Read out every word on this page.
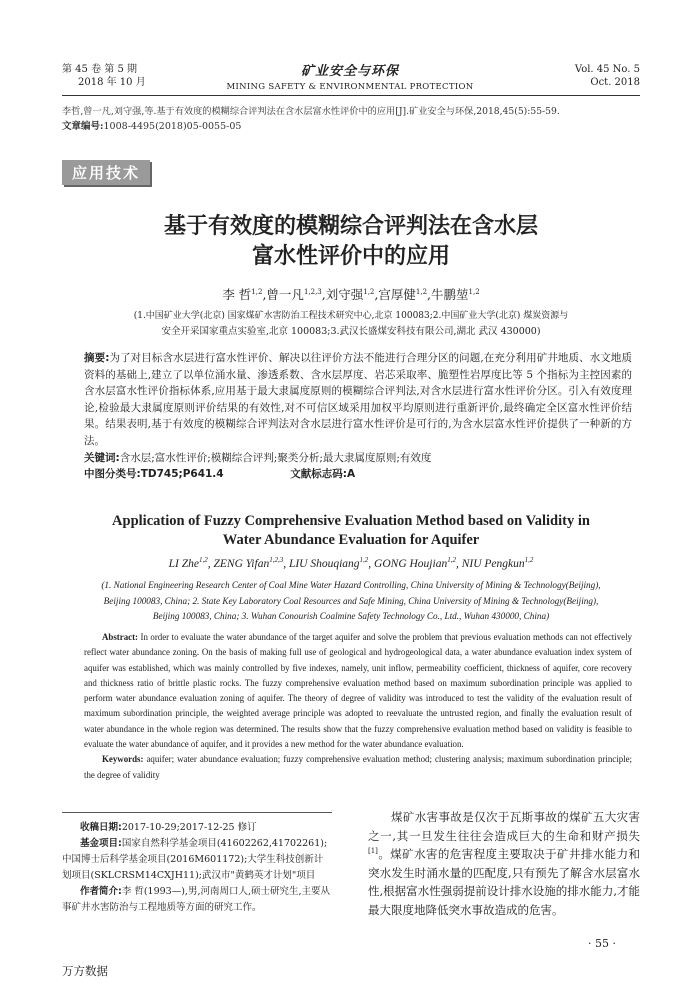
第 45 卷 第 5 期
2018 年 10 月
矿业安全与环保
MINING SAFETY & ENVIRONMENTAL PROTECTION
Vol. 45 No. 5
Oct. 2018
李哲,曾一凡,刘守强,等.基于有效度的模糊综合评判法在含水层富水性评价中的应用[J].矿业安全与环保,2018,45(5):55-59.
文章编号:1008-4495(2018)05-0055-05
应用技术
基于有效度的模糊综合评判法在含水层
富水性评价中的应用
李 哲$^{1,2}$,曾一凡$^{1,2,3}$,刘守强$^{1,2}$,宫厚健$^{1,2}$,牛鹏堃$^{1,2}$
(1.中国矿业大学(北京) 国家煤矿水害防治工程技术研究中心,北京 100083;2.中国矿业大学(北京) 煤炭资源与
安全开采国家重点实验室,北京 100083;3.武汉长盛煤安科技有限公司,湖北 武汉 430000)
摘要:为了对目标含水层进行富水性评价、解决以往评价方法不能进行合理分区的问题,在充分利用矿井地质、水文地质资料的基础上,建立了以单位涌水量、渗透系数、含水层厚度、岩芯采取率、脆塑性岩厚度比等 5 个指标为主控因素的含水层富水性评价指标体系,应用基于最大隶属度原则的模糊综合评判法,对含水层进行富水性评价分区。引入有效度理论,检验最大隶属度原则评价结果的有效性,对不可信区域采用加权平均原则进行重新评价,最终确定全区富水性评价结果。结果表明,基于有效度的模糊综合评判法对含水层进行富水性评价是可行的,为含水层富水性评价提供了一种新的方法。
关键词:含水层;富水性评价;模糊综合评判;聚类分析;最大隶属度原则;有效度
中图分类号:TD745;P641.4	文献标志码:A
Application of Fuzzy Comprehensive Evaluation Method based on Validity in
Water Abundance Evaluation for Aquifer
LI Zhe$^{1,2}$, ZENG Yifan$^{1,2,3}$, LIU Shouqiang$^{1,2}$, GONG Houjian$^{1,2}$, NIU Pengkun$^{1,2}$
(1. National Engineering Research Center of Coal Mine Water Hazard Controlling, China University of Mining & Technology(Beijing),
Beijing 100083, China; 2. State Key Laboratory Coal Resources and Safe Mining, China University of Mining & Technology(Beijing),
Beijing 100083, China; 3. Wuhan Conourish Coalmine Safety Technology Co., Ltd., Wuhan 430000, China)
Abstract: In order to evaluate the water abundance of the target aquifer and solve the problem that previous evaluation methods can not effectively reflect water abundance zoning. On the basis of making full use of geological and hydrogeological data, a water abundance evaluation index system of aquifer was established, which was mainly controlled by five indexes, namely, unit inflow, permeability coefficient, thickness of aquifer, core recovery and thickness ratio of brittle plastic rocks. The fuzzy comprehensive evaluation method based on maximum subordination principle was applied to perform water abundance evaluation zoning of aquifer. The theory of degree of validity was introduced to test the validity of the evaluation result of maximum subordination principle, the weighted average principle was adopted to reevaluate the untrusted region, and finally the evaluation result of water abundance in the whole region was determined. The results show that the fuzzy comprehensive evaluation method based on validity is feasible to evaluate the water abundance of aquifer, and it provides a new method for the water abundance evaluation.
Keywords: aquifer; water abundance evaluation; fuzzy comprehensive evaluation method; clustering analysis; maximum subordination principle; the degree of validity
收稿日期:2017-10-29;2017-12-25 修订
基金项目:国家自然科学基金项目(41602262,41702261);中国博士后科学基金项目(2016M601172);大学生科技创新计划项目(SKLCRSM14CXJH11);武汉市"黄鹤英才计划"项目
作者简介:李 哲(1993—),男,河南周口人,硕士研究生,主要从事矿井水害防治与工程地质等方面的研究工作。
煤矿水害事故是仅次于瓦斯事故的煤矿五大灾害之一,其一旦发生往往会造成巨大的生命和财产损失[1]。煤矿水害的危害程度主要取决于矿井排水能力和突水发生时涌水量的匹配度,只有预先了解含水层富水性,根据富水性强弱提前设计排水设施的排水能力,才能最大限度地降低突水事故造成的危害。
· 55 ·
万方数据
